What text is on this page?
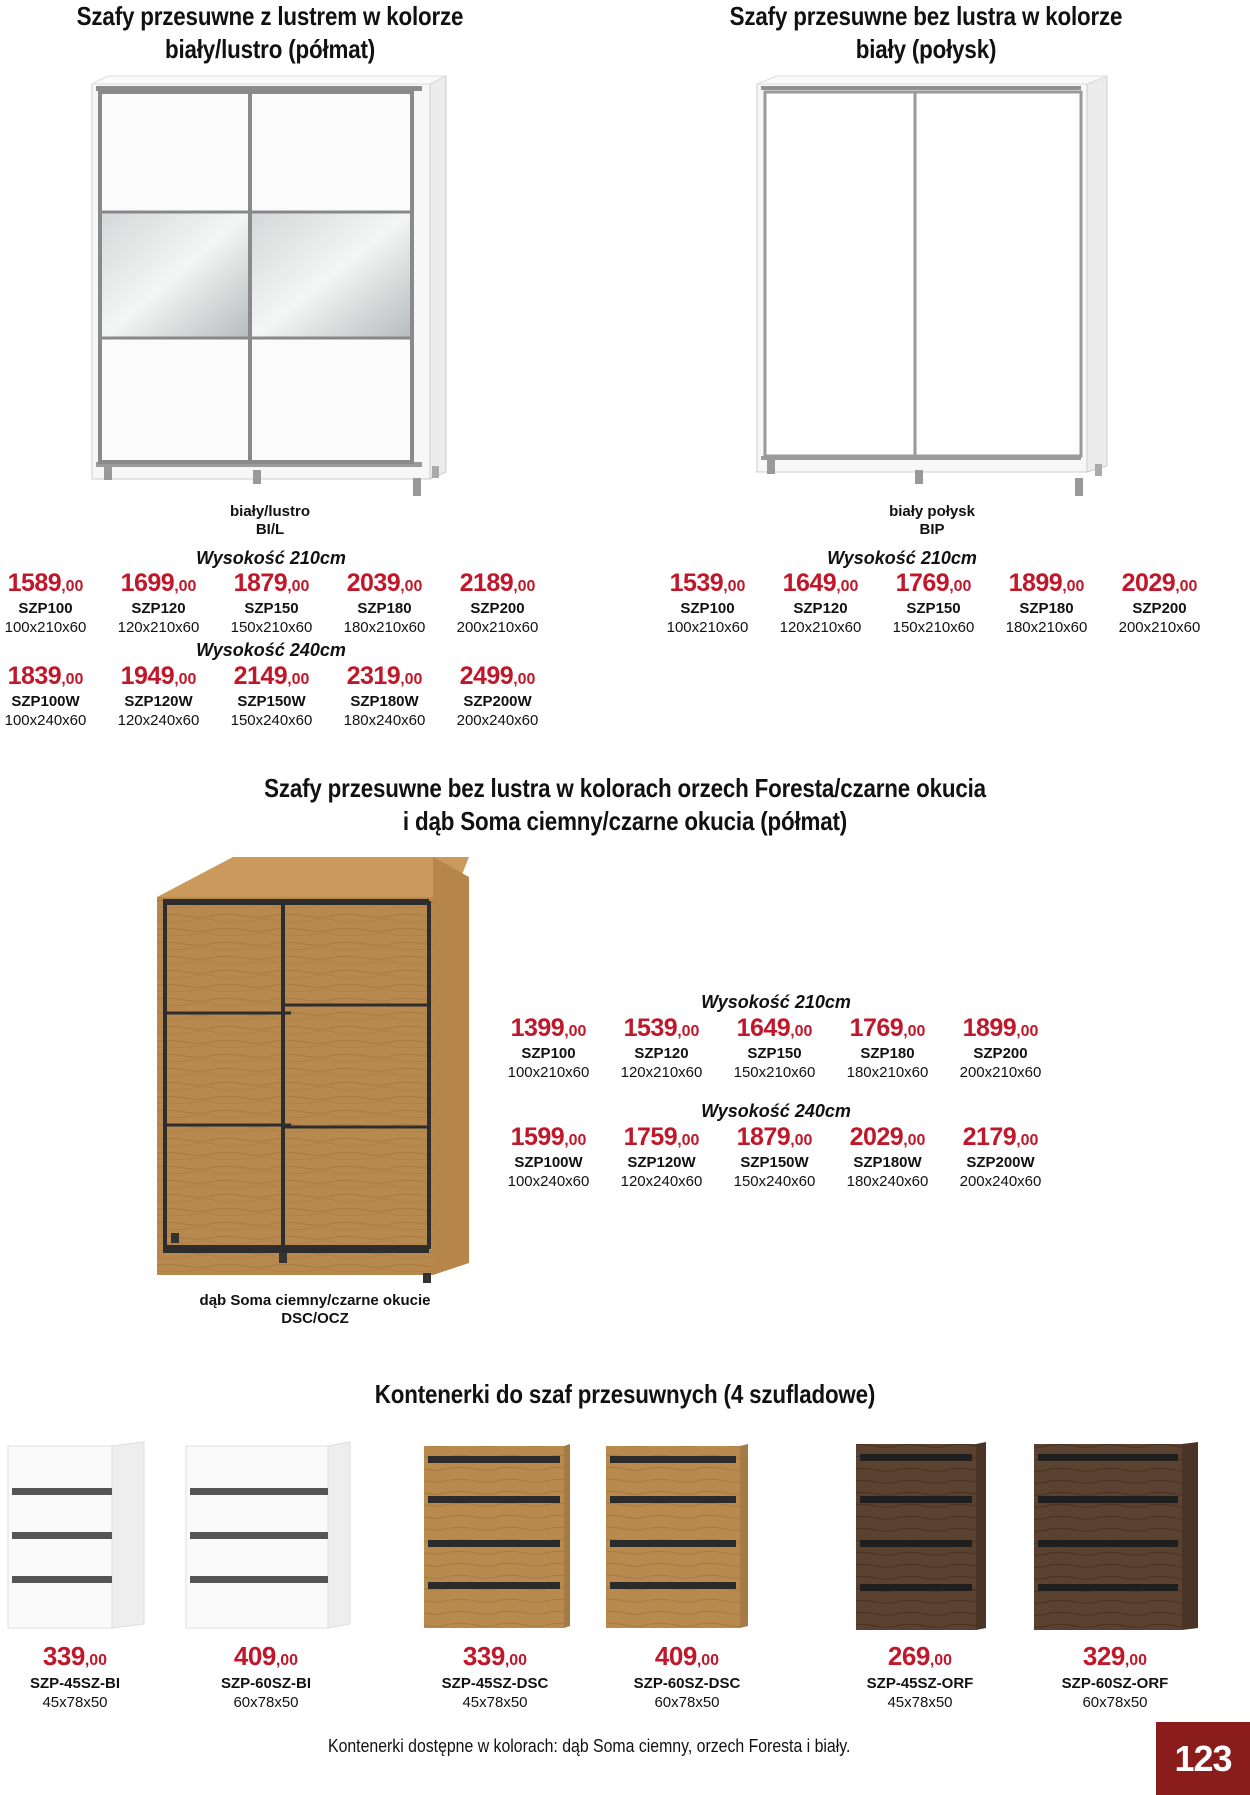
Szafy przesuwne z lustrem w kolorze
biały/lustro (półmat)
Szafy przesuwne bez lustra w kolorze
biały (połysk)
biały/lustro
BI/L
biały połysk
BIP
Wysokość 210cm	Wysokość 210cm
1589,00
SZP100
100x210x60
1699,00
SZP120
120x210x60
1879,00
SZP150
150x210x60
2039,00
SZP180
180x210x60
2189,00
SZP200
200x210x60
1539,00
SZP100
100x210x60
1649,00
SZP120
120x210x60
1769,00
SZP150
150x210x60
1899,00
SZP180
180x210x60
2029,00
SZP200
200x210x60
Wysokość 240cm
1839,00
SZP100W
100x240x60
1949,00
SZP120W
120x240x60
2149,00
SZP150W
150x240x60
2319,00
SZP180W
180x240x60
2499,00
SZP200W
200x240x60
Szafy przesuwne bez lustra w kolorach orzech Foresta/czarne okucia
i dąb Soma ciemny/czarne okucia (półmat)
dąb Soma ciemny/czarne okucie
DSC/OCZ
Wysokość 210cm
1399,00
SZP100
100x210x60
1539,00
SZP120
120x210x60
1649,00
SZP150
150x210x60
1769,00
SZP180
180x210x60
1899,00
SZP200
200x210x60
Wysokość 240cm
1599,00
SZP100W
100x240x60
1759,00
SZP120W
120x240x60
1879,00
SZP150W
150x240x60
2029,00
SZP180W
180x240x60
2179,00
SZP200W
200x240x60
Kontenerki do szaf przesuwnych (4 szufladowe)
339,00
SZP-45SZ-BI
45x78x50
409,00
SZP-60SZ-BI
60x78x50
339,00
SZP-45SZ-DSC
45x78x50
409,00
SZP-60SZ-DSC
60x78x50
269,00
SZP-45SZ-ORF
45x78x50
329,00
SZP-60SZ-ORF
60x78x50
Kontenerki dostępne w kolorach: dąb Soma ciemny, orzech Foresta i biały.	123
